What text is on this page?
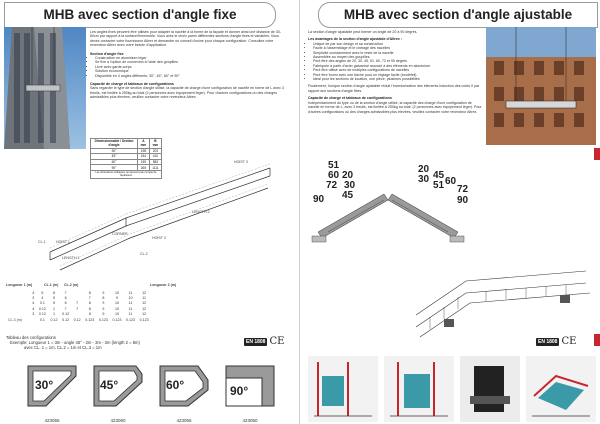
MHB avec section d'angle fixe
Les angles fixes peuvent être utilisés pour adapter la nacelle à la forme de la façade et donner ainsi une distance de 30-60cm par rapport à la surface/l'immeuble. Vous avez le choix parmi différentes sections d'angle fixes et variables. Vous devez contacter votre fournisseur Altrex et demander un conseil d'usine pour chaque configuration. Consultez votre revendeur Altrex avec votre besoin d'application.
Section d'angle fixe
• Construction en aluminium léger
• Se fixe à l'option de connexion à l'aide des goupilles
• Livré avec garde-corps
• Solution économique
• Disponible en 4 angles différents: 30°, 45°, 60° et 90°
Capacité de charge et tableaux de configurations
Sans regarder le type de section d'angle utilisé, la capacité de charge d'une configuration de nacelle en forme de L avec 3 treuils, est limitée à 250kg au total (2 personnes avec équipement léger). Pour d'autres configurations ou des charges admissibles plus élevées, veuillez contacter votre revendeur Altrex.
Dimensionnable / Section d'angle	A mm	B mm
30°	198	203
45°	154	410
60°	159	583
90°	265	1111
Les dimensions indiquées ne tiennent pas compte de l'épaisseur		
CORNER
CL.1
CL.2
HOIST 1
HOIST 2
HOIST 3
LENGTH 1
LENGTH 2
Longueur 1 (m)	CL.1 (m) CL.2 (m)	Longueur 2 (m)
4	5	6	7		8	9	10	11	12
3	4	5	6		7	8	9	10	11
4	0.1	5	6	7	8	9	10	11	12
4	0.12	1	7	7	8	9	10	11	12
3	0.12	1	0.12		8	9	10	11	12
	0.1	0.12	0.12	0.12	0.123	0.123	0.123	0.123	0.123
CL.3 (m)
Tableau des configurations
Exemple: Longueur 1 = 3m - angle 45° - 2m - 3m - 3m (length 2 = 8m)
avec CL. 1 = 1m, CL.2 = 1m et CL.3 = 1m
EN 1808 CE
30°
423065
45°
423060
60°
423055
90°
423050
MHB avec section d'angle ajustable
La section d'angle ajustable peut former un angle de 20 à 90 degrés.
Les avantages de la section d'angle ajustable d'Altrex :
• Unique de par son design et sa construction
• Facile à l'assemblage et le cintrage des nacelles
• Simplicité constamment avec le reste de la nacelle
• Assemblée au moyen des goupilles
• Peut être des angles de 20, 30, 45, 51, 60, 72 et 90 degrés
• Fabriquée à partir d'acier galvanisé associé à des éléments en aluminium
• Peut être utilisé avec de multiples configurations de nacelles
• Peut être fourni avec une bâche pour un réglage facile (boutefeil)
• Idéal pour les sections de location, une pièce, plusieurs possibilités
Finalement, l'unique section d'angle ajustable réduit l'inventorisation des éléments induction des coûts 0 par rapport aux sections d'angle fixes.
Capacité de charge et tableaux de configurations
Indépendamment du type ou de la section d'angle utilisé, la capacité des charge d'une configuration de nacelle en forme de L, avec 3 treuils, est limitée à 250kg au total. (2 personnes avec équipement léger). Pour d'autres configurations ou des charges admissibles plus élevées, veuillez contacter votre revendeur Altrex.
51
60
72
90
20
30
45
20
30 45
51 60
72
90
EN 1808 CE
